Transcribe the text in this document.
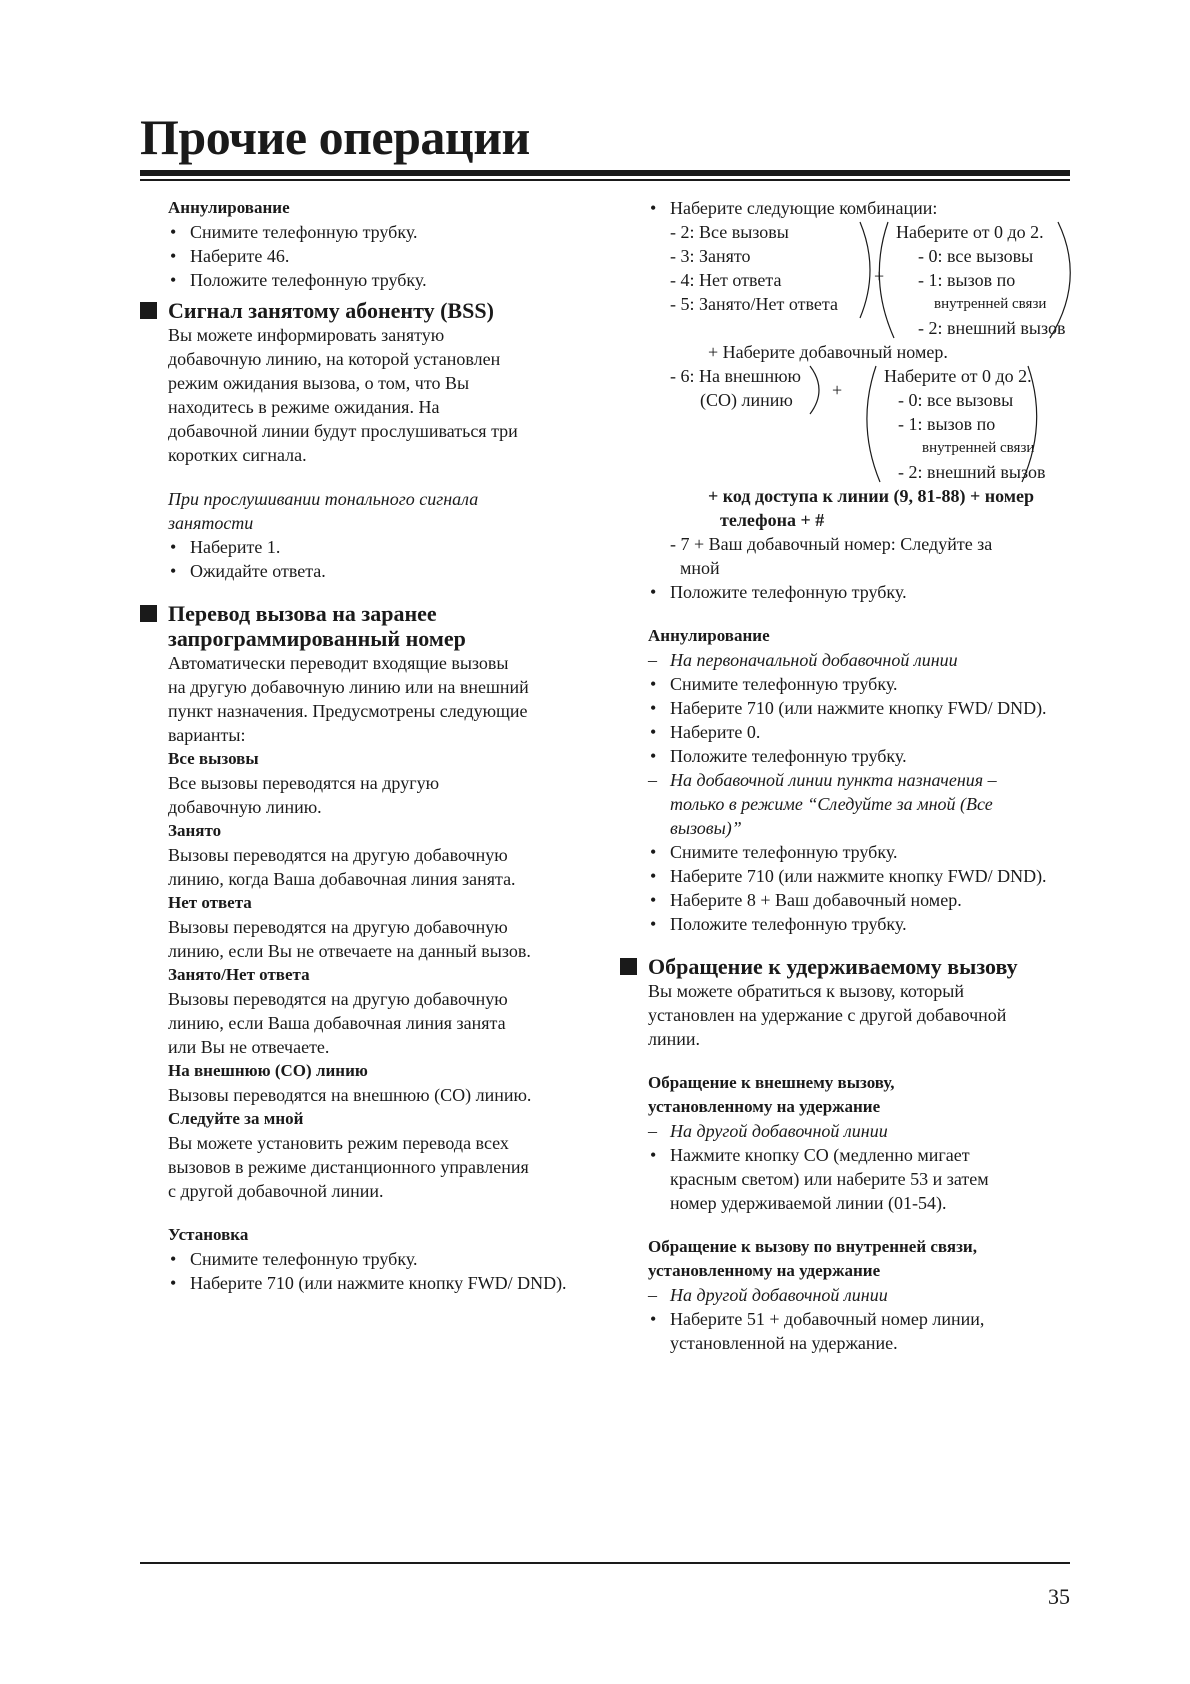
Прочие операции
Аннулирование
• Снимите телефонную трубку.
• Наберите 46.
• Положите телефонную трубку.
Сигнал занятому абоненту (BSS)
Вы можете информировать занятую
добавочную линию, на которой установлен
режим ожидания вызова, о том, что Вы
находитесь в режиме ожидания. На
добавочной линии будут прослушиваться три
коротких сигнала.
При прослушивании тонального сигнала
занятости
• Наберите 1.
• Ожидайте ответа.
Перевод вызова на заранее
запрограммированный номер
Автоматически переводит входящие вызовы
на другую добавочную линию или на внешний
пункт назначения. Предусмотрены следующие
варианты:
Все вызовы
Все вызовы переводятся на другую
добавочную линию.
Занято
Вызовы переводятся на другую добавочную
линию, когда Ваша добавочная линия занята.
Нет ответа
Вызовы переводятся на другую добавочную
линию, если Вы не отвечаете на данный вызов.
Занято/Нет ответа
Вызовы переводятся на другую добавочную
линию, если Ваша добавочная линия занята
или Вы не отвечаете.
На внешнюю (CO) линию
Вызовы переводятся на внешнюю (CO) линию.
Следуйте за мной
Вы можете установить режим перевода всех
вызовов в режиме дистанционного управления
с другой добавочной линии.
Установка
• Снимите телефонную трубку.
• Наберите 710 (или нажмите кнопку FWD/ DND).
• Наберите следующие комбинации:
- 2: Все вызовы
- 3: Занято
- 4: Нет ответа
- 5: Занято/Нет ответа
+
Наберите от 0 до 2.
- 0: все вызовы
- 1: вызов по
внутренней связи
- 2: внешний вызов
+ Наберите добавочный номер.
- 6: На внешнюю
(CO) линию	+
Наберите от 0 до 2.
- 0: все вызовы
- 1: вызов по
внутренней связи
- 2: внешний вызов
+ код доступа к линии (9, 81-88) + номер
телефона + #
- 7 + Ваш добавочный номер: Следуйте за
мной
• Положите телефонную трубку.
Аннулирование
– На первоначальной добавочной линии
• Снимите телефонную трубку.
• Наберите 710 (или нажмите кнопку FWD/ DND).
• Наберите 0.
• Положите телефонную трубку.
– На добавочной линии пункта назначения –
только в режиме “Следуйте за мной (Все
вызовы)”
• Снимите телефонную трубку.
• Наберите 710 (или нажмите кнопку FWD/ DND).
• Наберите 8 + Ваш добавочный номер.
• Положите телефонную трубку.
Обращение к удерживаемому вызову
Вы можете обратиться к вызову, который
установлен на удержание с другой добавочной
линии.
Обращение к внешнему вызову,
установленному на удержание
– На другой добавочной линии
• Нажмите кнопку CO (медленно мигает
красным светом) или наберите 53 и затем
номер удерживаемой линии (01-54).
Обращение к вызову по внутренней связи,
установленному на удержание
– На другой добавочной линии
• Наберите 51 + добавочный номер линии,
установленной на удержание.
35
